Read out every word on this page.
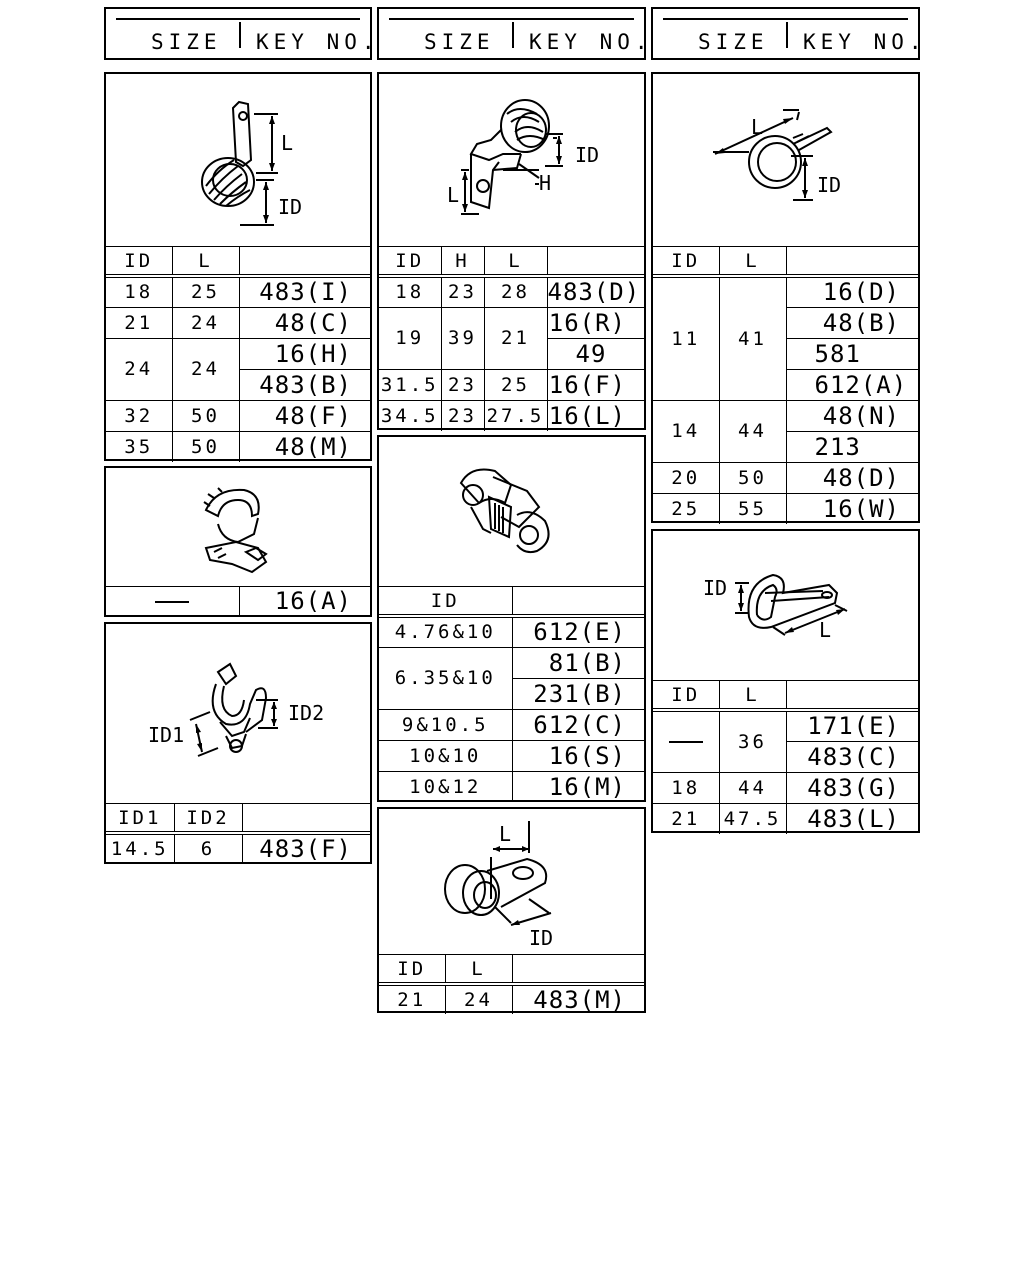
SIZE KEY NO. SIZE KEY NO. SIZE KEY NO.
L
ID
ID	L	
18	25	483(I)
21	24	48(C)
24	24	16(H)
		483(B)
32	50	48(F)
35	50	48(M)
L	H
ID
ID	H	L	
18	23	28	483(D)
19	39	21	16(R)
			49
31.5	23	25	16(F)
34.5	23	27.5	16(L)
L
ID
ID	L	
11	41	16(D)
		48(B)
		581
		612(A)
14	44	48(N)
		213
20	50	48(D)
25	55	16(W)
	16(A)	ID	
4.76&10	612(E)
6.35&10	81(B)
	231(B)
9&10.5	612(C)
10&10	16(S)
10&12	16(M)
ID
L
ID	L	
	36	171(E)
		483(C)
18	44	483(G)
21	47.5	483(L)
ID1
ID2
ID1	ID2	
14.5	6	483(F)
L
ID
ID	L	
21	24	483(M)
